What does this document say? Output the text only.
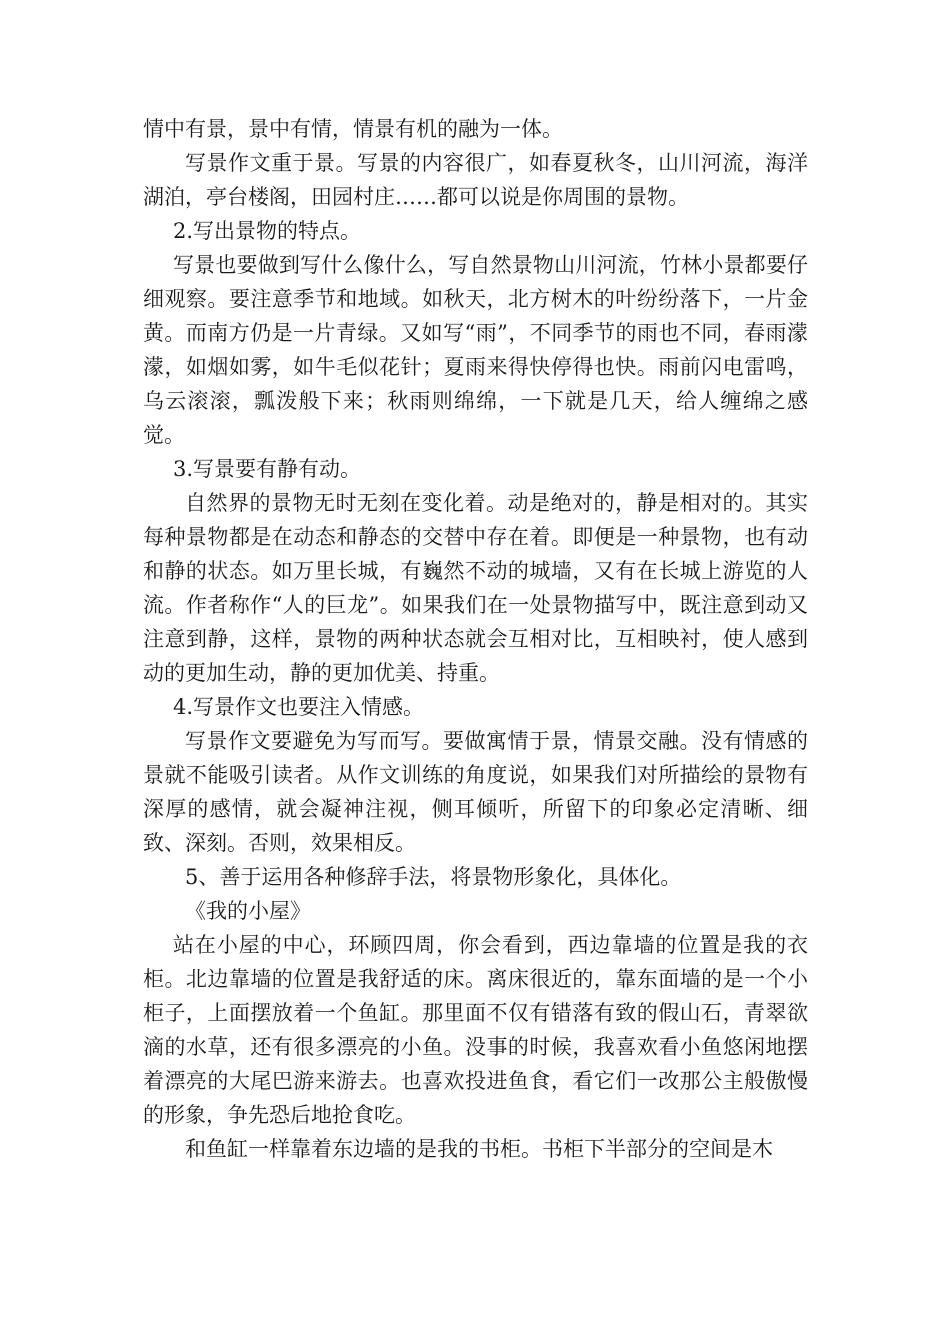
情中有景，景中有情，情景有机的融为一体。

写景作文重于景。写景的内容很广，如春夏秋冬，山川河流，海洋湖泊，亭台楼阁，田园村庄……都可以说是你周围的景物。

2.写出景物的特点。

写景也要做到写什么像什么，写自然景物山川河流，竹林小景都要仔细观察。要注意季节和地域。如秋天，北方树木的叶纷纷落下，一片金黄。而南方仍是一片青绿。又如写“雨”，不同季节的雨也不同，春雨濛濛，如烟如雾，如牛毛似花针；夏雨来得快停得也快。雨前闪电雷鸣，乌云滚滚，瓢泼般下来；秋雨则绵绵，一下就是几天，给人缠绵之感觉。

3.写景要有静有动。

自然界的景物无时无刻在变化着。动是绝对的，静是相对的。其实每种景物都是在动态和静态的交替中存在着。即便是一种景物，也有动和静的状态。如万里长城，有巍然不动的城墙，又有在长城上游览的人流。作者称作“人的巨龙”。如果我们在一处景物描写中，既注意到动又注意到静，这样，景物的两种状态就会互相对比，互相映衬，使人感到动的更加生动，静的更加优美、持重。

4.写景作文也要注入情感。

写景作文要避免为写而写。要做寓情于景，情景交融。没有情感的景就不能吸引读者。从作文训练的角度说，如果我们对所描绘的景物有深厚的感情，就会凝神注视，侧耳倾听，所留下的印象必定清晰、细致、深刻。否则，效果相反。

5、善于运用各种修辞手法，将景物形象化，具体化。

《我的小屋》

站在小屋的中心，环顾四周，你会看到，西边靠墙的位置是我的衣柜。北边靠墙的位置是我舒适的床。离床很近的，靠东面墙的是一个小柜子，上面摆放着一个鱼缸。那里面不仅有错落有致的假山石，青翠欲滴的水草，还有很多漂亮的小鱼。没事的时候，我喜欢看小鱼悠闲地摆着漂亮的大尾巴游来游去。也喜欢投进鱼食，看它们一改那公主般傲慢的形象，争先恐后地抢食吃。

和鱼缸一样靠着东边墙的是我的书柜。书柜下半部分的空间是木
